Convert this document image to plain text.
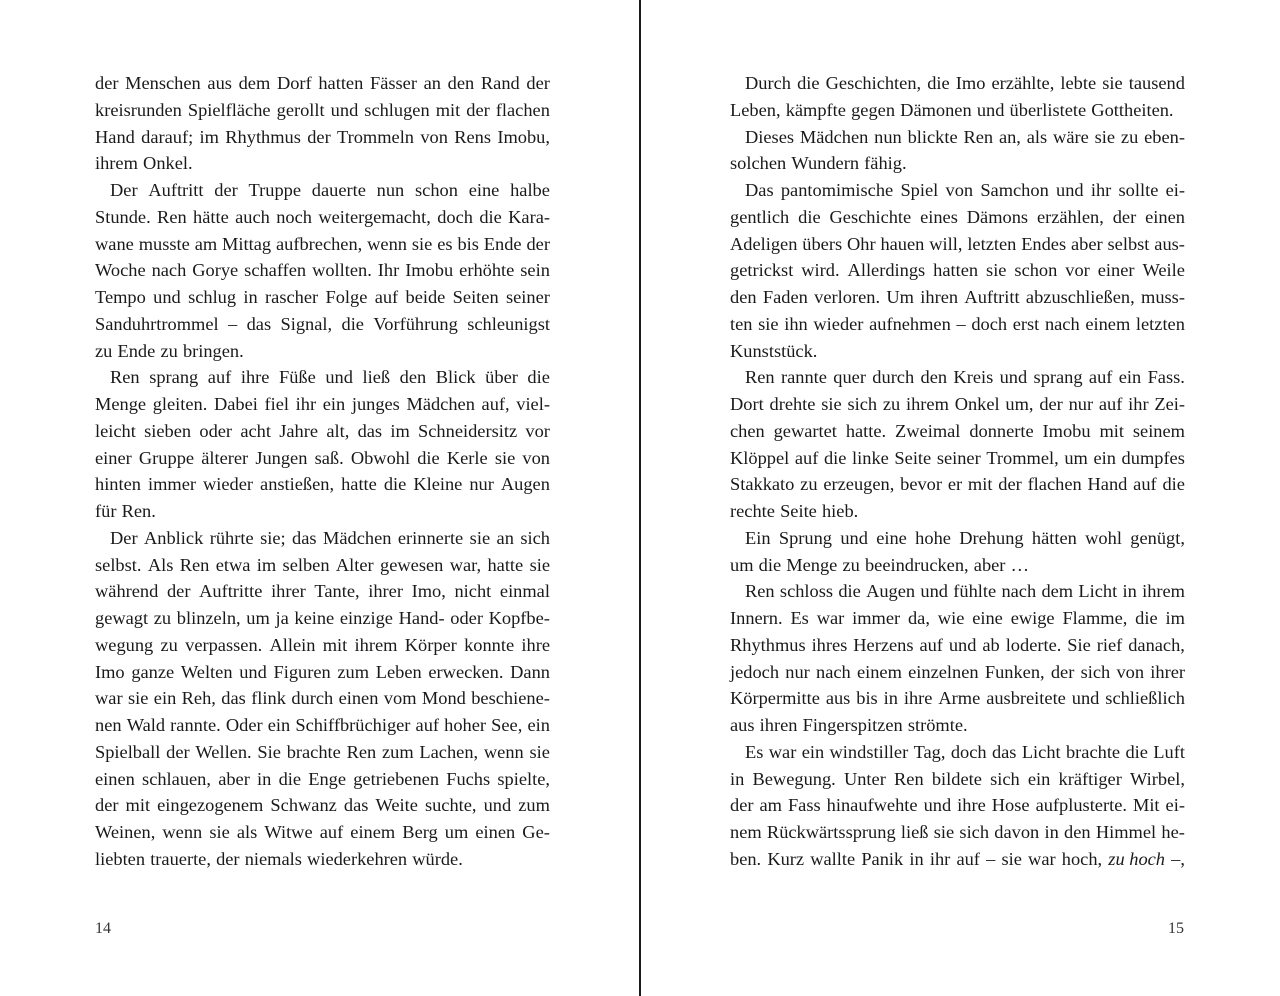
der Menschen aus dem Dorf hatten Fässer an den Rand der
kreisrunden Spielfläche gerollt und schlugen mit der flachen
Hand darauf; im Rhythmus der Trommeln von Rens Imobu,
ihrem Onkel.
Der Auftritt der Truppe dauerte nun schon eine halbe
Stunde. Ren hätte auch noch weitergemacht, doch die Kara-
wane musste am Mittag aufbrechen, wenn sie es bis Ende der
Woche nach Gorye schaffen wollten. Ihr Imobu erhöhte sein
Tempo und schlug in rascher Folge auf beide Seiten seiner
Sanduhrtrommel – das Signal, die Vorführung schleunigst
zu Ende zu bringen.
Ren sprang auf ihre Füße und ließ den Blick über die
Menge gleiten. Dabei fiel ihr ein junges Mädchen auf, viel-
leicht sieben oder acht Jahre alt, das im Schneidersitz vor
einer Gruppe älterer Jungen saß. Obwohl die Kerle sie von
hinten immer wieder anstießen, hatte die Kleine nur Augen
für Ren.
Der Anblick rührte sie; das Mädchen erinnerte sie an sich
selbst. Als Ren etwa im selben Alter gewesen war, hatte sie
während der Auftritte ihrer Tante, ihrer Imo, nicht einmal
gewagt zu blinzeln, um ja keine einzige Hand- oder Kopfbe-
wegung zu verpassen. Allein mit ihrem Körper konnte ihre
Imo ganze Welten und Figuren zum Leben erwecken. Dann
war sie ein Reh, das flink durch einen vom Mond beschiene-
nen Wald rannte. Oder ein Schiffbrüchiger auf hoher See, ein
Spielball der Wellen. Sie brachte Ren zum Lachen, wenn sie
einen schlauen, aber in die Enge getriebenen Fuchs spielte,
der mit eingezogenem Schwanz das Weite suchte, und zum
Weinen, wenn sie als Witwe auf einem Berg um einen Ge-
liebten trauerte, der niemals wiederkehren würde.
14
Durch die Geschichten, die Imo erzählte, lebte sie tausend
Leben, kämpfte gegen Dämonen und überlistete Gottheiten.
Dieses Mädchen nun blickte Ren an, als wäre sie zu eben-
solchen Wundern fähig.
Das pantomimische Spiel von Samchon und ihr sollte ei-
gentlich die Geschichte eines Dämons erzählen, der einen
Adeligen übers Ohr hauen will, letzten Endes aber selbst aus-
getrickst wird. Allerdings hatten sie schon vor einer Weile
den Faden verloren. Um ihren Auftritt abzuschließen, muss-
ten sie ihn wieder aufnehmen – doch erst nach einem letzten
Kunststück.
Ren rannte quer durch den Kreis und sprang auf ein Fass.
Dort drehte sie sich zu ihrem Onkel um, der nur auf ihr Zei-
chen gewartet hatte. Zweimal donnerte Imobu mit seinem
Klöppel auf die linke Seite seiner Trommel, um ein dumpfes
Stakkato zu erzeugen, bevor er mit der flachen Hand auf die
rechte Seite hieb.
Ein Sprung und eine hohe Drehung hätten wohl genügt,
um die Menge zu beeindrucken, aber …
Ren schloss die Augen und fühlte nach dem Licht in ihrem
Innern. Es war immer da, wie eine ewige Flamme, die im
Rhythmus ihres Herzens auf und ab loderte. Sie rief danach,
jedoch nur nach einem einzelnen Funken, der sich von ihrer
Körpermitte aus bis in ihre Arme ausbreitete und schließlich
aus ihren Fingerspitzen strömte.
Es war ein windstiller Tag, doch das Licht brachte die Luft
in Bewegung. Unter Ren bildete sich ein kräftiger Wirbel,
der am Fass hinaufwehte und ihre Hose aufplusterte. Mit ei-
nem Rückwärtssprung ließ sie sich davon in den Himmel he-
ben. Kurz wallte Panik in ihr auf – sie war hoch, zu hoch –,
15
